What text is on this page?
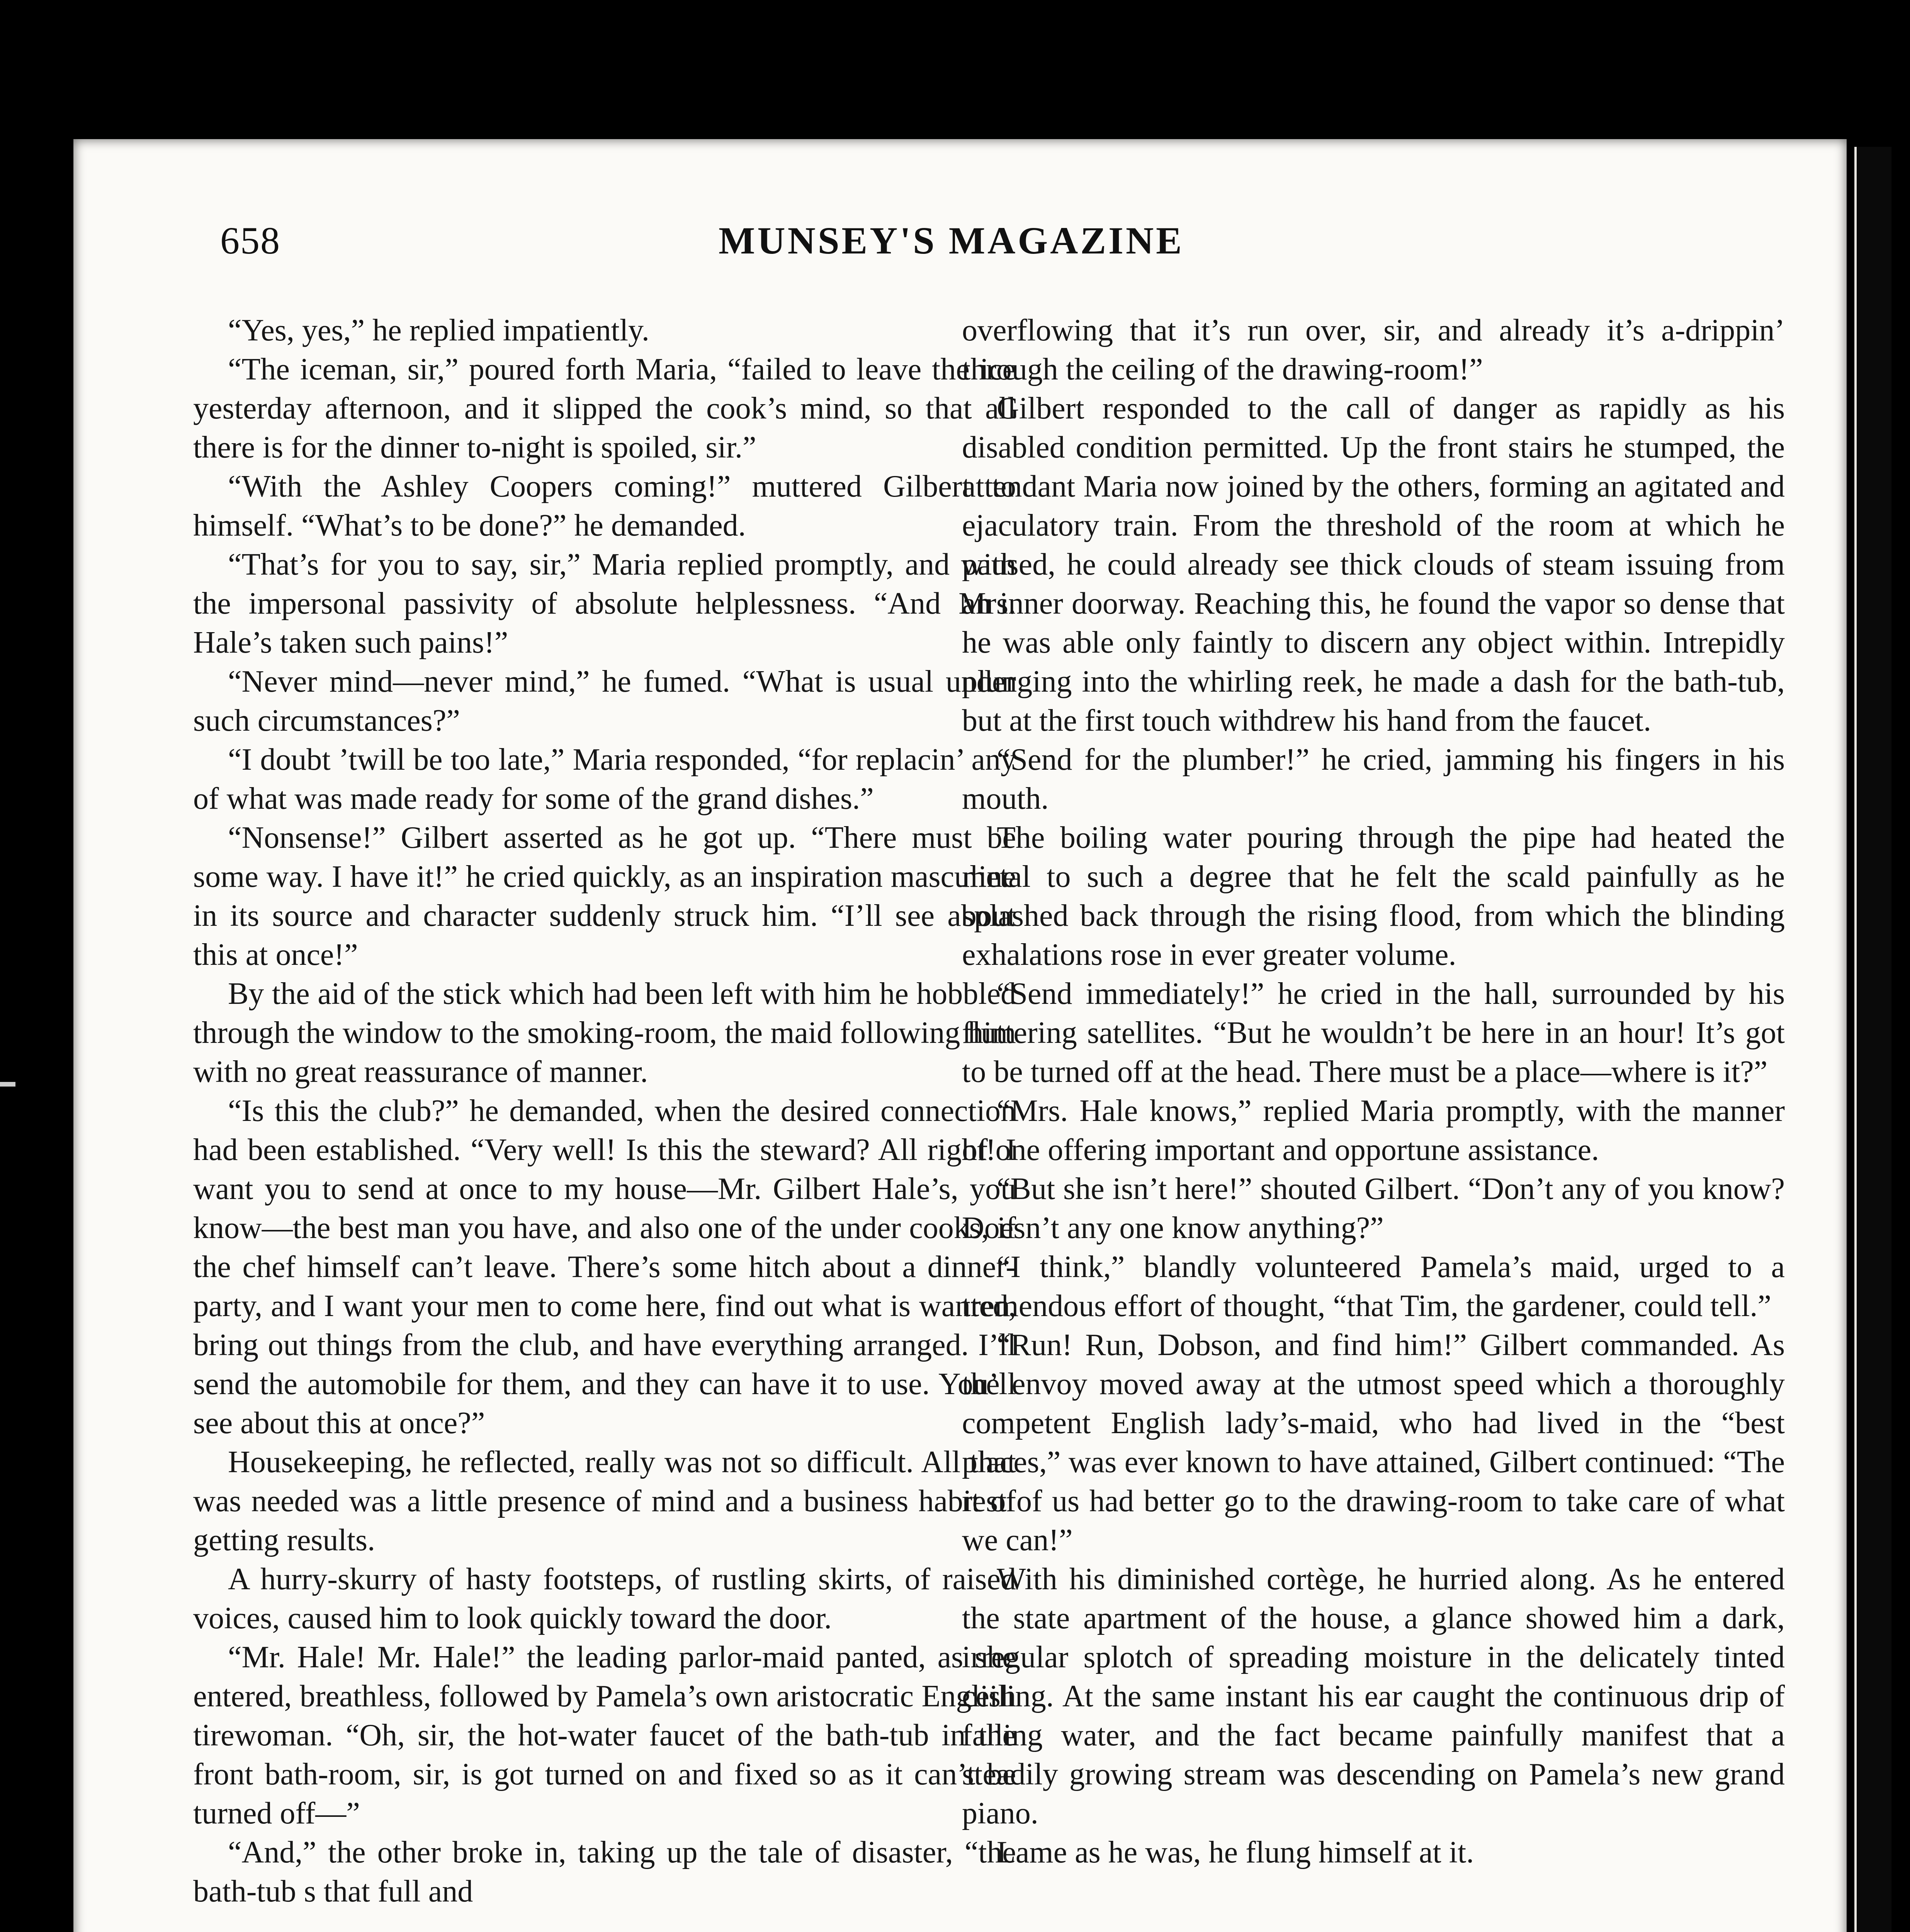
658	MUNSEY'S MAGAZINE

“Yes, yes,” he replied impatiently.

“The iceman, sir,” poured forth Maria, “failed to leave the ice yesterday afternoon, and it slipped the cook’s mind, so that all there is for the dinner to-night is spoiled, sir.”

“With the Ashley Coopers coming!” muttered Gilbert to himself. “What’s to be done?” he demanded.

“That’s for you to say, sir,” Maria replied promptly, and with the impersonal passivity of absolute helplessness. “And Mrs. Hale’s taken such pains!”

“Never mind—never mind,” he fumed. “What is usual under such circumstances?”

“I doubt ’twill be too late,” Maria responded, “for replacin’ any of what was made ready for some of the grand dishes.”

“Nonsense!” Gilbert asserted as he got up. “There must be some way. I have it!” he cried quickly, as an inspiration masculine in its source and character suddenly struck him. “I’ll see about this at once!”

By the aid of the stick which had been left with him he hobbled through the window to the smoking-room, the maid following him with no great reassurance of manner.

“Is this the club?” he demanded, when the desired connection had been established. “Very well! Is this the steward? All right! I want you to send at once to my house—Mr. Gilbert Hale’s, you know—the best man you have, and also one of the under cooks, if the chef himself can’t leave. There’s some hitch about a dinner-party, and I want your men to come here, find out what is wanted, bring out things from the club, and have everything arranged. I’ll send the automobile for them, and they can have it to use. You’ll see about this at once?”

Housekeeping, he reflected, really was not so difficult. All that was needed was a little presence of mind and a business habit of getting results.

A hurry-skurry of hasty footsteps, of rustling skirts, of raised voices, caused him to look quickly toward the door.

“Mr. Hale! Mr. Hale!” the leading parlor-maid panted, as she entered, breathless, followed by Pamela’s own aristocratic English tirewoman. “Oh, sir, the hot-water faucet of the bath-tub in the front bath-room, sir, is got turned on and fixed so as it can’t be turned off—”

“And,” the other broke in, taking up the tale of disaster, “the bath-tub s that full and

overflowing that it’s run over, sir, and already it’s a-drippin’ through the ceiling of the drawing-room!”

Gilbert responded to the call of danger as rapidly as his disabled condition permitted. Up the front stairs he stumped, the attendant Maria now joined by the others, forming an agitated and ejaculatory train. From the threshold of the room at which he paused, he could already see thick clouds of steam issuing from an inner doorway. Reaching this, he found the vapor so dense that he was able only faintly to discern any object within. Intrepidly plunging into the whirling reek, he made a dash for the bath-tub, but at the first touch withdrew his hand from the faucet.

“Send for the plumber!” he cried, jamming his fingers in his mouth.

The boiling water pouring through the pipe had heated the metal to such a degree that he felt the scald painfully as he splashed back through the rising flood, from which the blinding exhalations rose in ever greater volume.

“Send immediately!” he cried in the hall, surrounded by his fluttering satellites. “But he wouldn’t be here in an hour! It’s got to be turned off at the head. There must be a place—where is it?”

“Mrs. Hale knows,” replied Maria promptly, with the manner of one offering important and opportune assistance.

“But she isn’t here!” shouted Gilbert. “Don’t any of you know? Doesn’t any one know anything?”

“I think,” blandly volunteered Pamela’s maid, urged to a tremendous effort of thought, “that Tim, the gardener, could tell.”

“Run! Run, Dobson, and find him!” Gilbert commanded. As the envoy moved away at the utmost speed which a thoroughly competent English lady’s-maid, who had lived in the “best places,” was ever known to have attained, Gilbert continued: “The rest of us had better go to the drawing-room to take care of what we can!”

With his diminished cortège, he hurried along. As he entered the state apartment of the house, a glance showed him a dark, irregular splotch of spreading moisture in the delicately tinted ceiling. At the same instant his ear caught the continuous drip of falling water, and the fact became painfully manifest that a steadily growing stream was descending on Pamela’s new grand piano.

Lame as he was, he flung himself at it.
